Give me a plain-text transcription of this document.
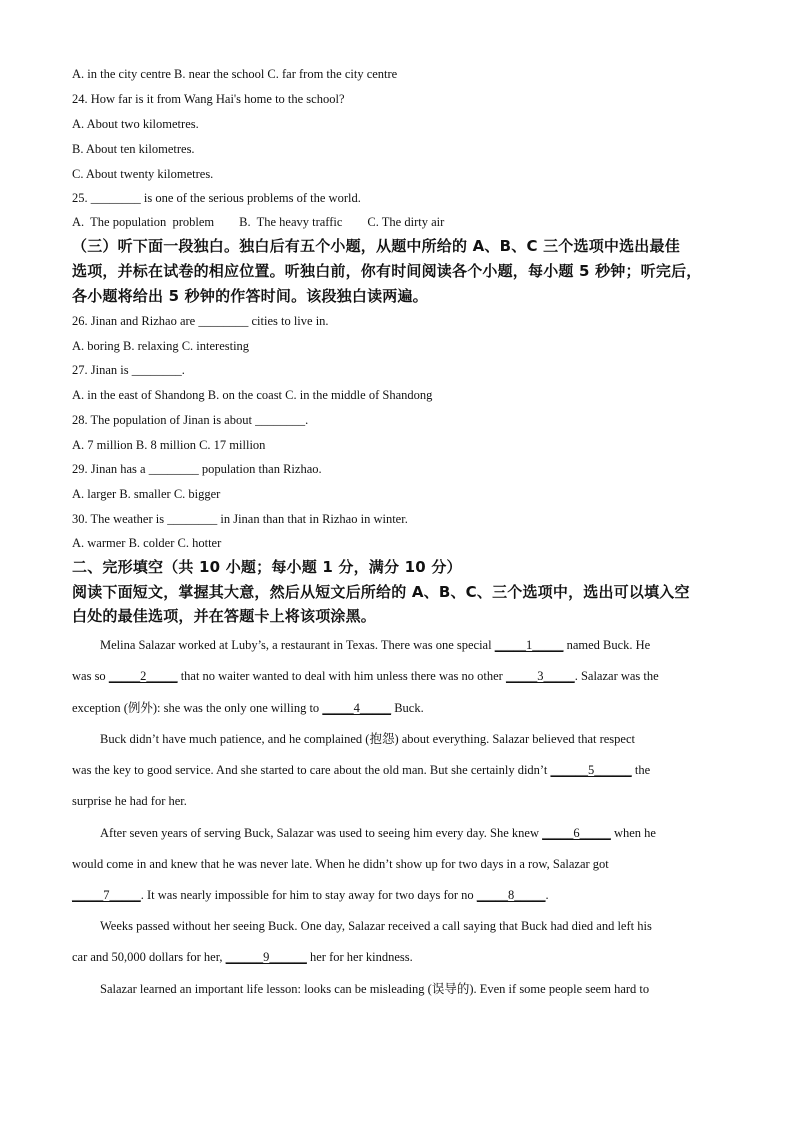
A. in the city centre B. near the school C. far from the city centre
24. How far is it from Wang Hai's home to the school?
A. About two kilometres.
B. About ten kilometres.
C. About twenty kilometres.
25. ________ is one of the serious problems of the world.
A.  The population  problem        B.  The heavy traffic        C. The dirty air
（三）听下面一段独白。独白后有五个小题，从题中所给的 A、B、C 三个选项中选出最佳
选项，并标在试卷的相应位置。听独白前，你有时间阅读各个小题，每小题 5 秒钟；听完后，
各小题将给出 5 秒钟的作答时间。该段独白读两遍。
26. Jinan and Rizhao are ________ cities to live in.
A. boring B. relaxing C. interesting
27. Jinan is ________.
A. in the east of Shandong B. on the coast C. in the middle of Shandong
28. The population of Jinan is about ________.
A. 7 million B. 8 million C. 17 million
29. Jinan has a ________ population than Rizhao.
A. larger B. smaller C. bigger
30. The weather is ________ in Jinan than that in Rizhao in winter.
A. warmer B. colder C. hotter
二、完形填空（共 10 小题；每小题 1 分，满分 10 分）
阅读下面短文，掌握其大意，然后从短文后所给的 A、B、C、三个选项中，选出可以填入空
白处的最佳选项，并在答题卡上将该项涂黑。
Melina Salazar worked at Luby’s, a restaurant in Texas. There was one special _____1_____ named Buck. He
was so _____2_____ that no waiter wanted to deal with him unless there was no other _____3_____. Salazar was the
exception (例外): she was the only one willing to _____4_____ Buck.
Buck didn’t have much patience, and he complained (抱怨) about everything. Salazar believed that respect
was the key to good service. And she started to care about the old man. But she certainly didn’t ______5______ the
surprise he had for her.
After seven years of serving Buck, Salazar was used to seeing him every day. She knew _____6_____ when he
would come in and knew that he was never late. When he didn’t show up for two days in a row, Salazar got
_____7_____. It was nearly impossible for him to stay away for two days for no _____8_____.
Weeks passed without her seeing Buck. One day, Salazar received a call saying that Buck had died and left his
car and 50,000 dollars for her, ______9______ her for her kindness.
Salazar learned an important life lesson: looks can be misleading (误导的). Even if some people seem hard to
